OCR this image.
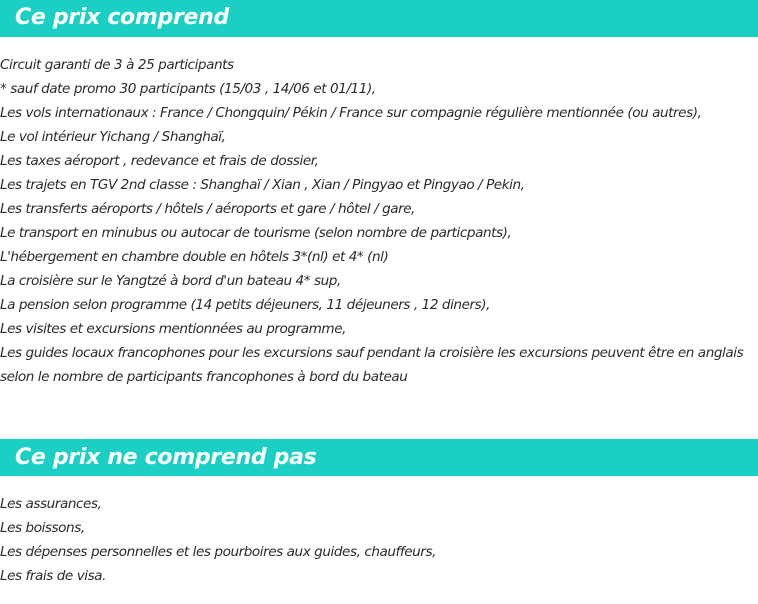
Ce prix comprend
Circuit garanti de 3 à 25 participants
* sauf date promo 30 participants (15/03 , 14/06 et 01/11),
Les vols internationaux : France / Chongquin/ Pékin / France sur compagnie régulière mentionnée (ou autres),
Le vol intérieur Yichang / Shanghaï,
Les taxes aéroport , redevance et frais de dossier,
Les trajets en TGV 2nd classe : Shanghaï / Xian , Xian / Pingyao et Pingyao / Pekin,
Les transferts aéroports / hôtels / aéroports et gare / hôtel / gare,
Le transport en minubus ou autocar de tourisme (selon nombre de particpants),
L'hébergement en chambre double en hôtels 3*(nl) et 4* (nl)
La croisière sur le Yangtzé à bord d'un bateau 4* sup,
La pension selon programme (14 petits déjeuners, 11 déjeuners , 12 diners),
Les visites et excursions mentionnées au programme,
Les guides locaux francophones pour les excursions sauf pendant la croisière les excursions peuvent être en anglais selon le nombre de participants francophones à bord du bateau
Ce prix ne comprend pas
Les assurances,
Les boissons,
Les dépenses personnelles et les pourboires aux guides, chauffeurs,
Les frais de visa.
